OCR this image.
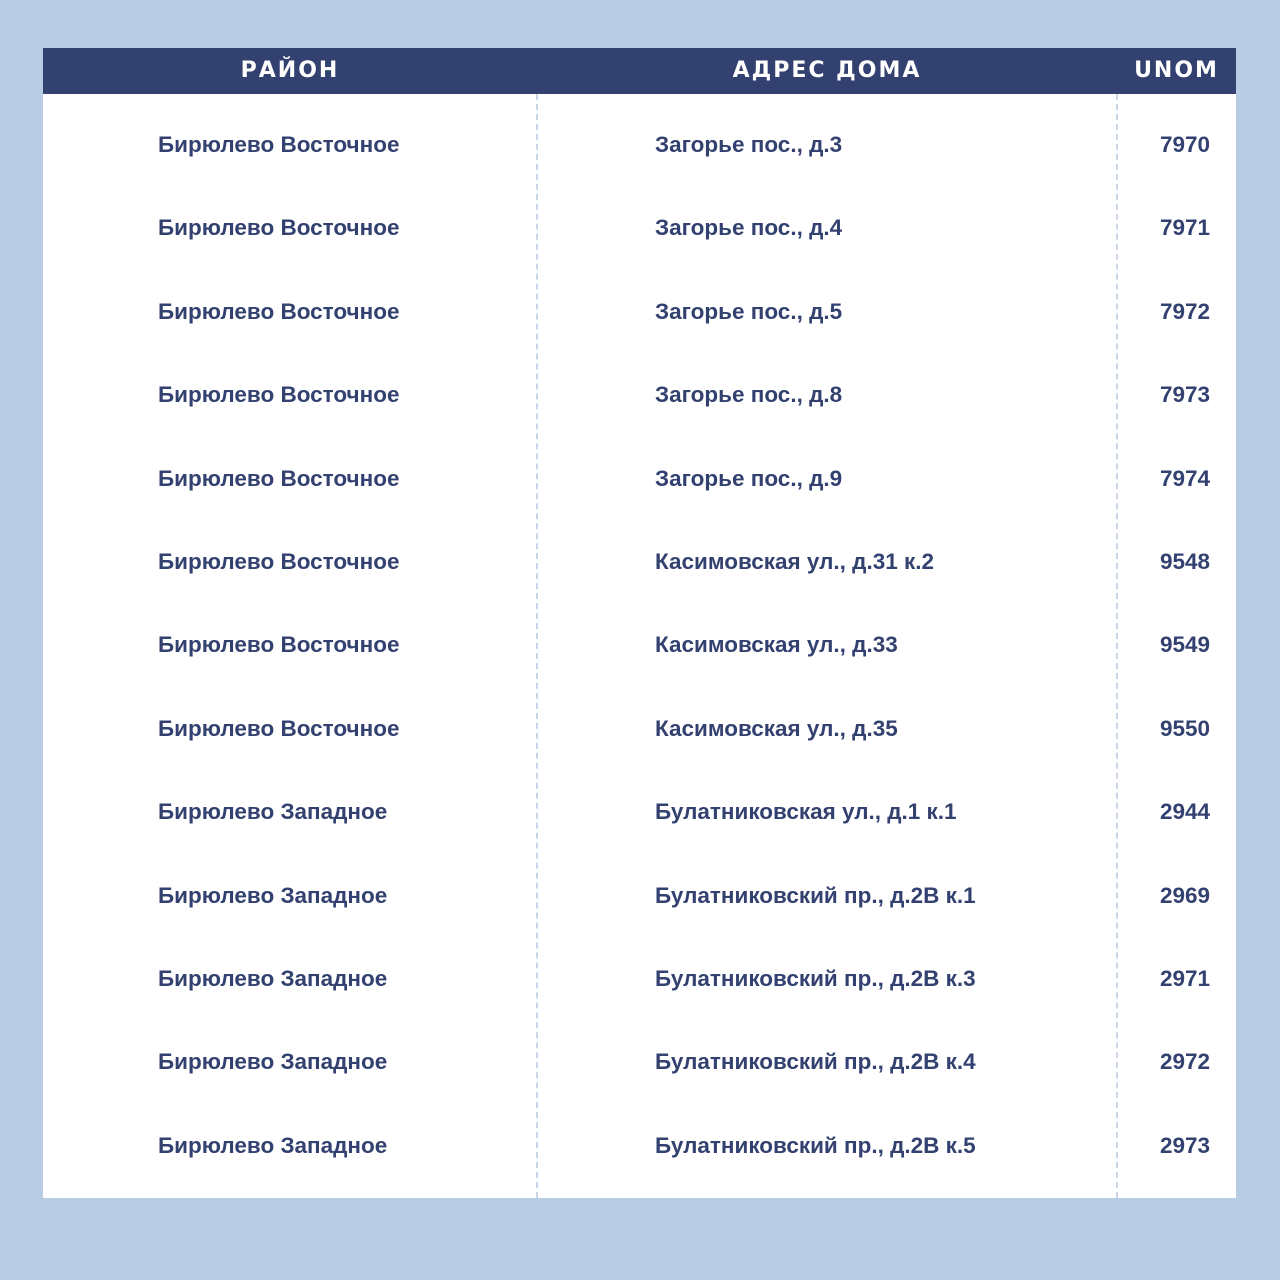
РАЙОН	АДРЕС ДОМА	UNOM
Бирюлево Восточное	Загорье пос., д.3	7970
Бирюлево Восточное	Загорье пос., д.4	7971
Бирюлево Восточное	Загорье пос., д.5	7972
Бирюлево Восточное	Загорье пос., д.8	7973
Бирюлево Восточное	Загорье пос., д.9	7974
Бирюлево Восточное	Касимовская ул., д.31 к.2	9548
Бирюлево Восточное	Касимовская ул., д.33	9549
Бирюлево Восточное	Касимовская ул., д.35	9550
Бирюлево Западное	Булатниковская ул., д.1 к.1	2944
Бирюлево Западное	Булатниковский пр., д.2В к.1	2969
Бирюлево Западное	Булатниковский пр., д.2В к.3	2971
Бирюлево Западное	Булатниковский пр., д.2В к.4	2972
Бирюлево Западное	Булатниковский пр., д.2В к.5	2973
